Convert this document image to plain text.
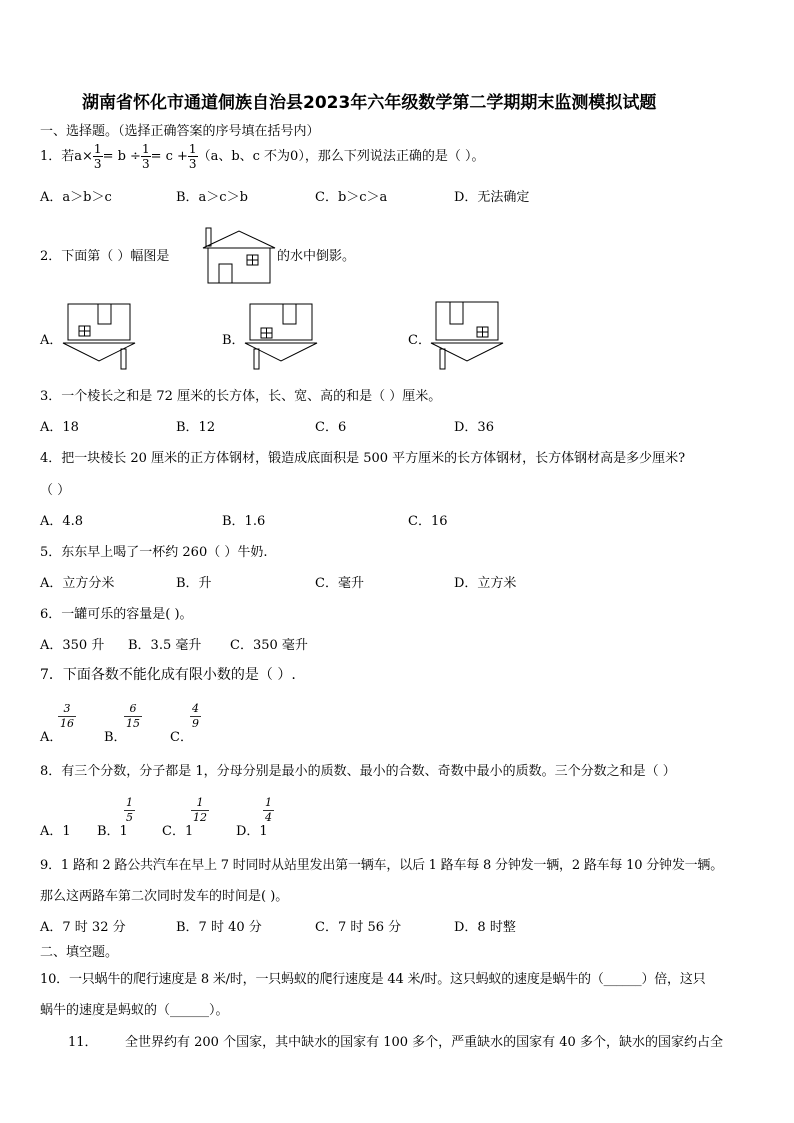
湖南省怀化市通道侗族自治县2023年六年级数学第二学期期末监测模拟试题
一、选择题。（选择正确答案的序号填在括号内）
1．若$a\times \frac{1}{3} = b \div \frac{1}{3} = c + \frac{1}{3} (a$、b、c 不为0），那么下列说法正确的是（ ）。
A．a＞b＞c	B．a＞c＞b	C．b＞c＞a	D．无法确定
2．下面第（ ）幅图是	的水中倒影。
A．	B．	C．
3．一个棱长之和是 72 厘米的长方体，长、宽、高的和是（ ）厘米。
A．18	B．12	C．6	D．36
4．把一块棱长 20 厘米的正方体钢材，锻造成底面积是 500 平方厘米的长方体钢材，长方体钢材高是多少厘米?
（ ）
A．4.8	B．1.6	C．16
5．东东早上喝了一杯约 260（ ）牛奶.
A．立方分米	B．升	C．毫升	D．立方米
6．一罐可乐的容量是( )。
A．350 升 B．3.5 毫升 C．350 毫升
7．下面各数不能化成有限小数的是（ ）.
A．
3
16
B．
6
15
C．
4
9
8．有三个分数，分子都是 1，分母分别是最小的质数、最小的合数、奇数中最小的质数。三个分数之和是（ ）
A．1 B．1
1
5
C．1
1
12
D．1
1
4
9．1 路和 2 路公共汽车在早上 7 时同时从站里发出第一辆车，以后 1 路车每 8 分钟发一辆，2 路车每 10 分钟发一辆。
那么这两路车第二次同时发车的时间是( )。
A．7 时 32 分	B．7 时 40 分	C．7 时 56 分	D．8 时整
二、填空题。
10．一只蜗牛的爬行速度是 8 米/时，一只蚂蚁的爬行速度是 44 米/时。这只蚂蚁的速度是蜗牛的（______）倍，这只
蜗牛的速度是蚂蚁的（______）。
11． 全世界约有 200 个国家，其中缺水的国家有 100 多个，严重缺水的国家有 40 多个，缺水的国家约占全
